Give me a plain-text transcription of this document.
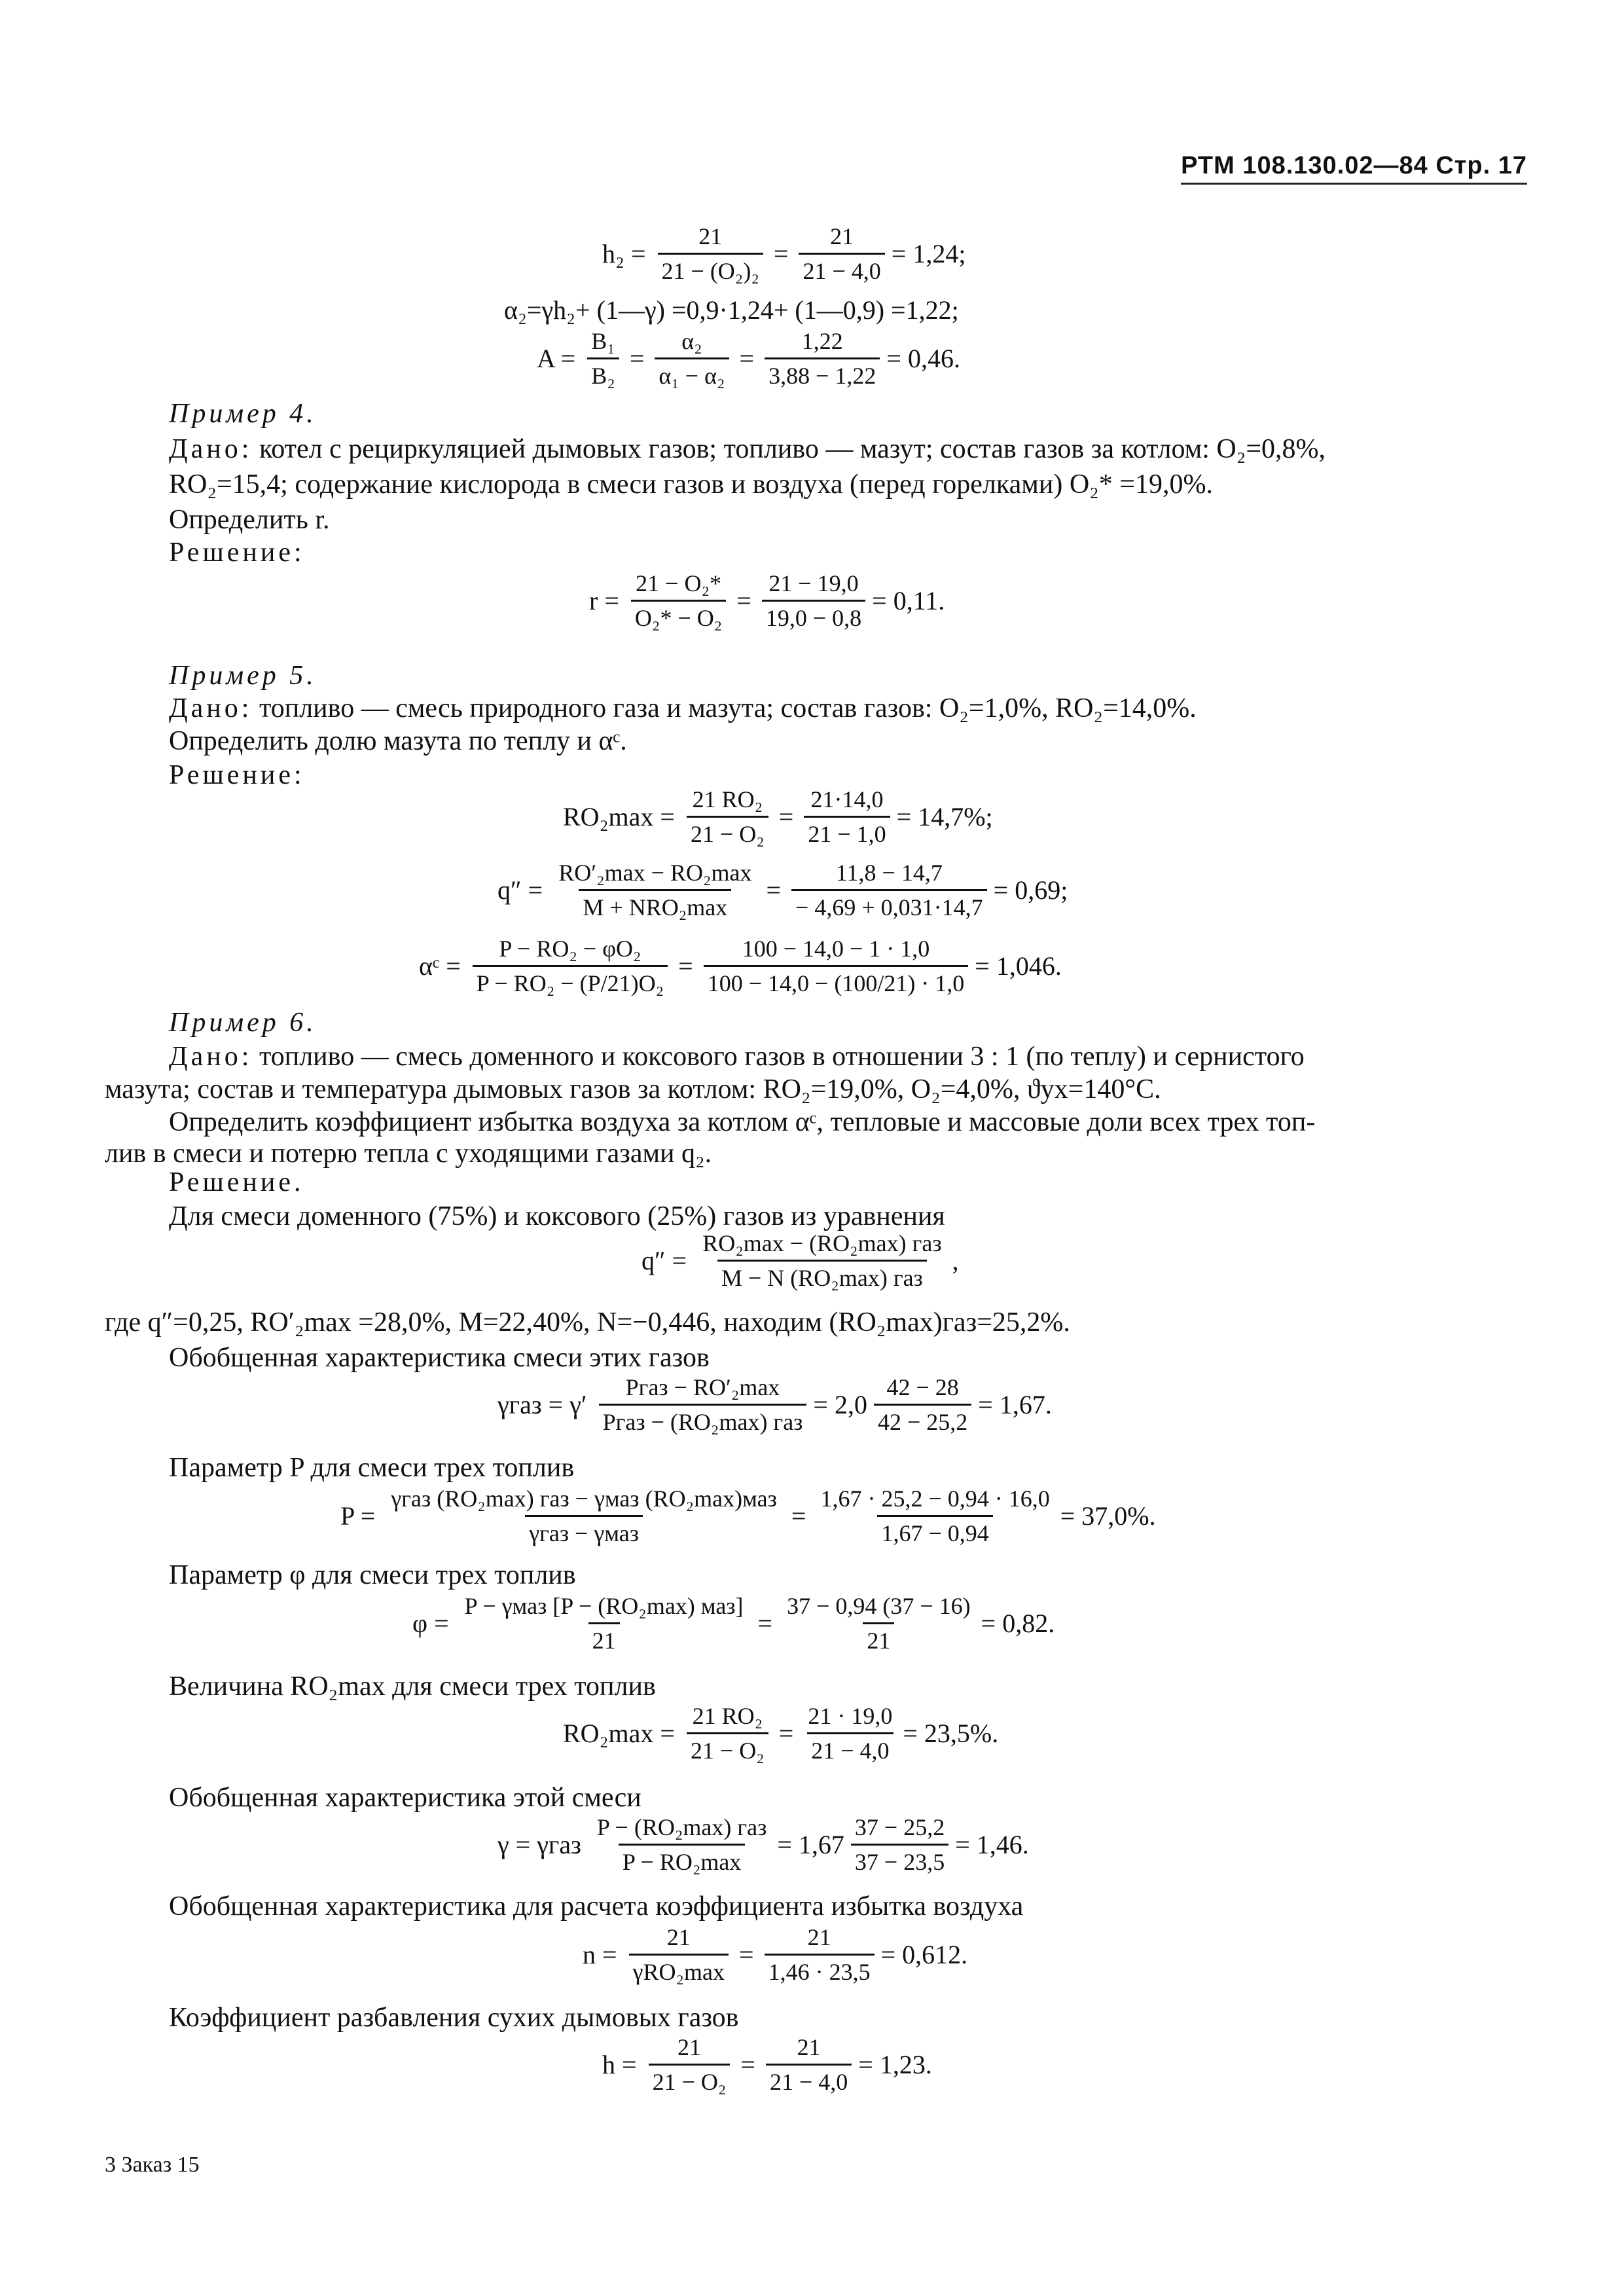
РТМ 108.130.02—84 Стр. 17
$h_2 = \frac{21}{\text{21 − (O₂)₂}} = \frac{21}{21 - 4,0} = 1,24$;
α₂=γh₂+ (1—γ) =0,9·1,24+ (1—0,9) =1,22;
$A = \frac{\text{B₁}}{\text{B₂}} = \frac{\text{α₂}}{\text{α₁ − α₂}} = \frac{1,22}{3,88 - 1,22} = 0,46$.
Пример 4.
Дано: котел с рециркуляцией дымовых газов; топливо — мазут; состав газов за котлом: O₂=0,8%,
RO₂=15,4; содержание кислорода в смеси газов и воздуха (перед горелками) O₂* =19,0%.
Определить r.
Решение:
$r = \frac{\text{21 − O₂*}}{\text{O₂* − O₂}} = \frac{21 - 19,0}{19,0 - 0,8} = 0,11$.
Пример 5.
Дано: топливо — смесь природного газа и мазута; состав газов: O₂=1,0%, RO₂=14,0%.
Определить долю мазута по теплу и αᶜ.
Решение:
$RO_2\max = \frac{\text{21 RO₂}}{\text{21 − O₂}} = \frac{21\cdot 14,0}{21 - 1,0} = 14,7\%$;
$q'' = \frac{\text{RO′₂max − RO₂max}}{\text{M + NRO₂max}} = \frac{11,8 - 14,7}{- 4,69 + 0,031\cdot 14,7} = 0,69$;
αᶜ = $\frac{\text{P − RO₂ − φO₂}}{\text{P − RO₂ − (P/21)O₂}} = \frac{100 - 14,0 - 1 \cdot 1,0}{100 - 14,0 - (100/21) \cdot 1,0} = 1,046$.
Пример 6.
Дано: топливо — смесь доменного и коксового газов в отношении 3 : 1 (по теплу) и сернистого
мазута; состав и температура дымовых газов за котлом: RO₂=19,0%, O₂=4,0%, ϑух=140°С.
Определить коэффициент избытка воздуха за котлом αᶜ, тепловые и массовые доли всех трех топ-
лив в смеси и потерю тепла с уходящими газами q₂.
Решение.
Для смеси доменного (75%) и коксового (25%) газов из уравнения
$q'' = \frac{\text{RO₂max − (RO₂max) газ}}{\text{M − N (RO₂max) газ}}$ ,
где q″=0,25, RO′₂max =28,0%, M=22,40%, N=−0,446, находим (RO₂max)газ=25,2%.
Обобщенная характеристика смеси этих газов
$\gamma газ = \gamma' \frac{\text{Pгаз − RO′₂max}}{\text{Pгаз − (RO₂max) газ}} = 2,0 \frac{42 - 28}{42 - 25,2} = 1,67$.
Параметр P для смеси трех топлив
$P = \frac{\text{γгаз (RO₂max) газ − γмаз (RO₂max)маз}}{\text{γгаз − γмаз}} = \frac{1,67 \cdot 25,2 - 0,94 \cdot 16,0}{1,67 - 0,94} = 37,0\%$.
Параметр φ для смеси трех топлив
$\varphi = \frac{\text{P − γмаз [P − (RO₂max) маз]}}{21} = \frac{37 - 0,94 (37 - 16)}{21} = 0,82$.
Величина RO₂max для смеси трех топлив
$RO_2\max = \frac{\text{21 RO₂}}{\text{21 − O₂}} = \frac{21 \cdot 19,0}{21 - 4,0} = 23,5\%$.
Обобщенная характеристика этой смеси
γ = γгаз $\frac{\text{P − (RO₂max) газ}}{\text{P − RO₂max}} = 1,67 \frac{37 - 25,2}{37 - 23,5} = 1,46$.
Обобщенная характеристика для расчета коэффициента избытка воздуха
$n = \frac{21}{\text{γRO₂max}} = \frac{21}{1,46 \cdot 23,5} = 0,612$.
Коэффициент разбавления сухих дымовых газов
$h = \frac{21}{\text{21 − O₂}} = \frac{21}{21 - 4,0} = 1,23$.
3 Заказ 15
